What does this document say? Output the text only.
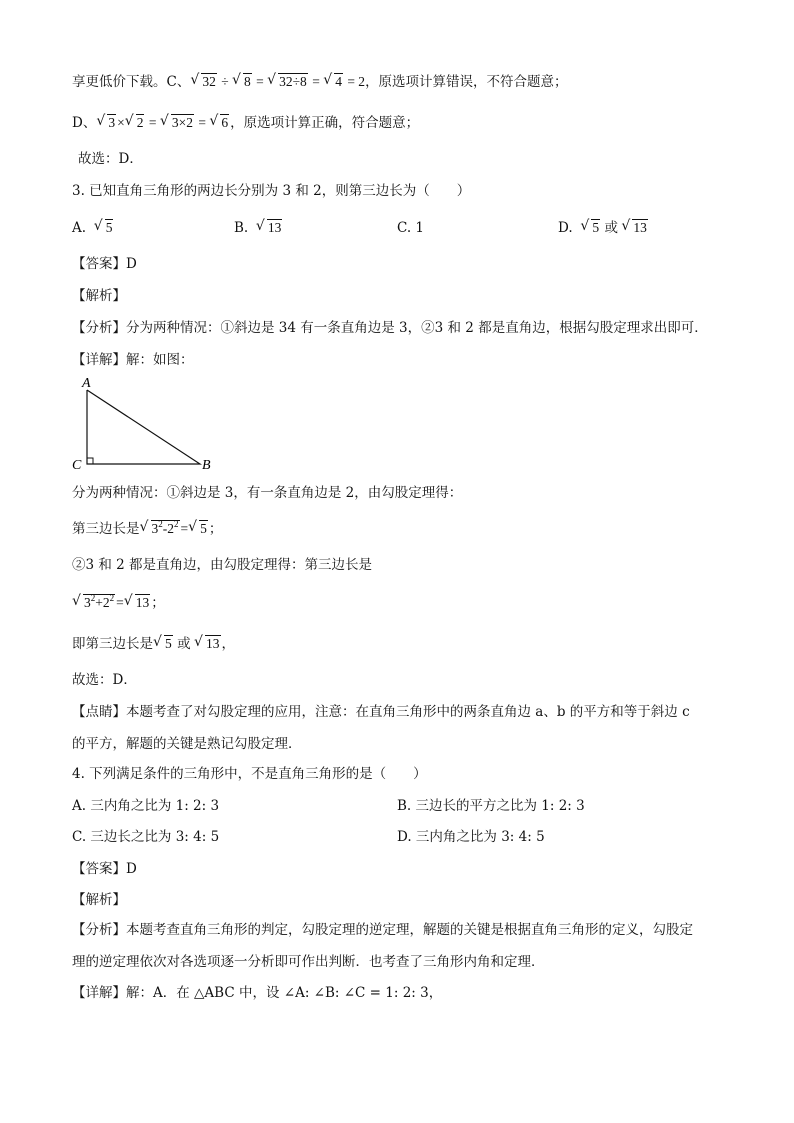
享更低价下载。C、 √ 32 ÷ √ 8 = √ 32÷8 = √ 4 = 2，原选项计算错误，不符合题意；
D、 √ 3 × √ 2 = √ 3×2 = √ 6 ，原选项计算正确，符合题意；
故选：D．
3. 已知直角三角形的两边长分别为 3 和 2，则第三边长为（　　）
A. √ 5	B. √ 13	C. 1	D. √ 5 或 √ 13
【答案】D
【解析】
【分析】分为两种情况：①斜边是 34 有一条直角边是 3，②3 和 2 都是直角边，根据勾股定理求出即可．
【详解】解：如图：
A
C	B
分为两种情况：①斜边是 3，有一条直角边是 2，由勾股定理得：
第三边长是 √ $3^2-2^2$ = √ 5 ；
②3 和 2 都是直角边，由勾股定理得：第三边长是
√ $3^2+2^2$ = √ 13 ；
即第三边长是 √ 5 或 √ 13 ，
故选：D．
【点睛】本题考查了对勾股定理的应用，注意：在直角三角形中的两条直角边 a、b 的平方和等于斜边 c
的平方，解题的关键是熟记勾股定理．
4. 下列满足条件的三角形中，不是直角三角形的是（　　）
A. 三内角之比为 1: 2: 3	B. 三边长的平方之比为 1: 2: 3
C. 三边长之比为 3: 4: 5	D. 三内角之比为 3: 4: 5
【答案】D
【解析】
【分析】本题考查直角三角形的判定，勾股定理的逆定理，解题的关键是根据直角三角形的定义，勾股定
理的逆定理依次对各选项逐一分析即可作出判断．也考查了三角形内角和定理．
【详解】解：A．在 △ABC 中，设 ∠A: ∠B: ∠C = 1: 2: 3，
